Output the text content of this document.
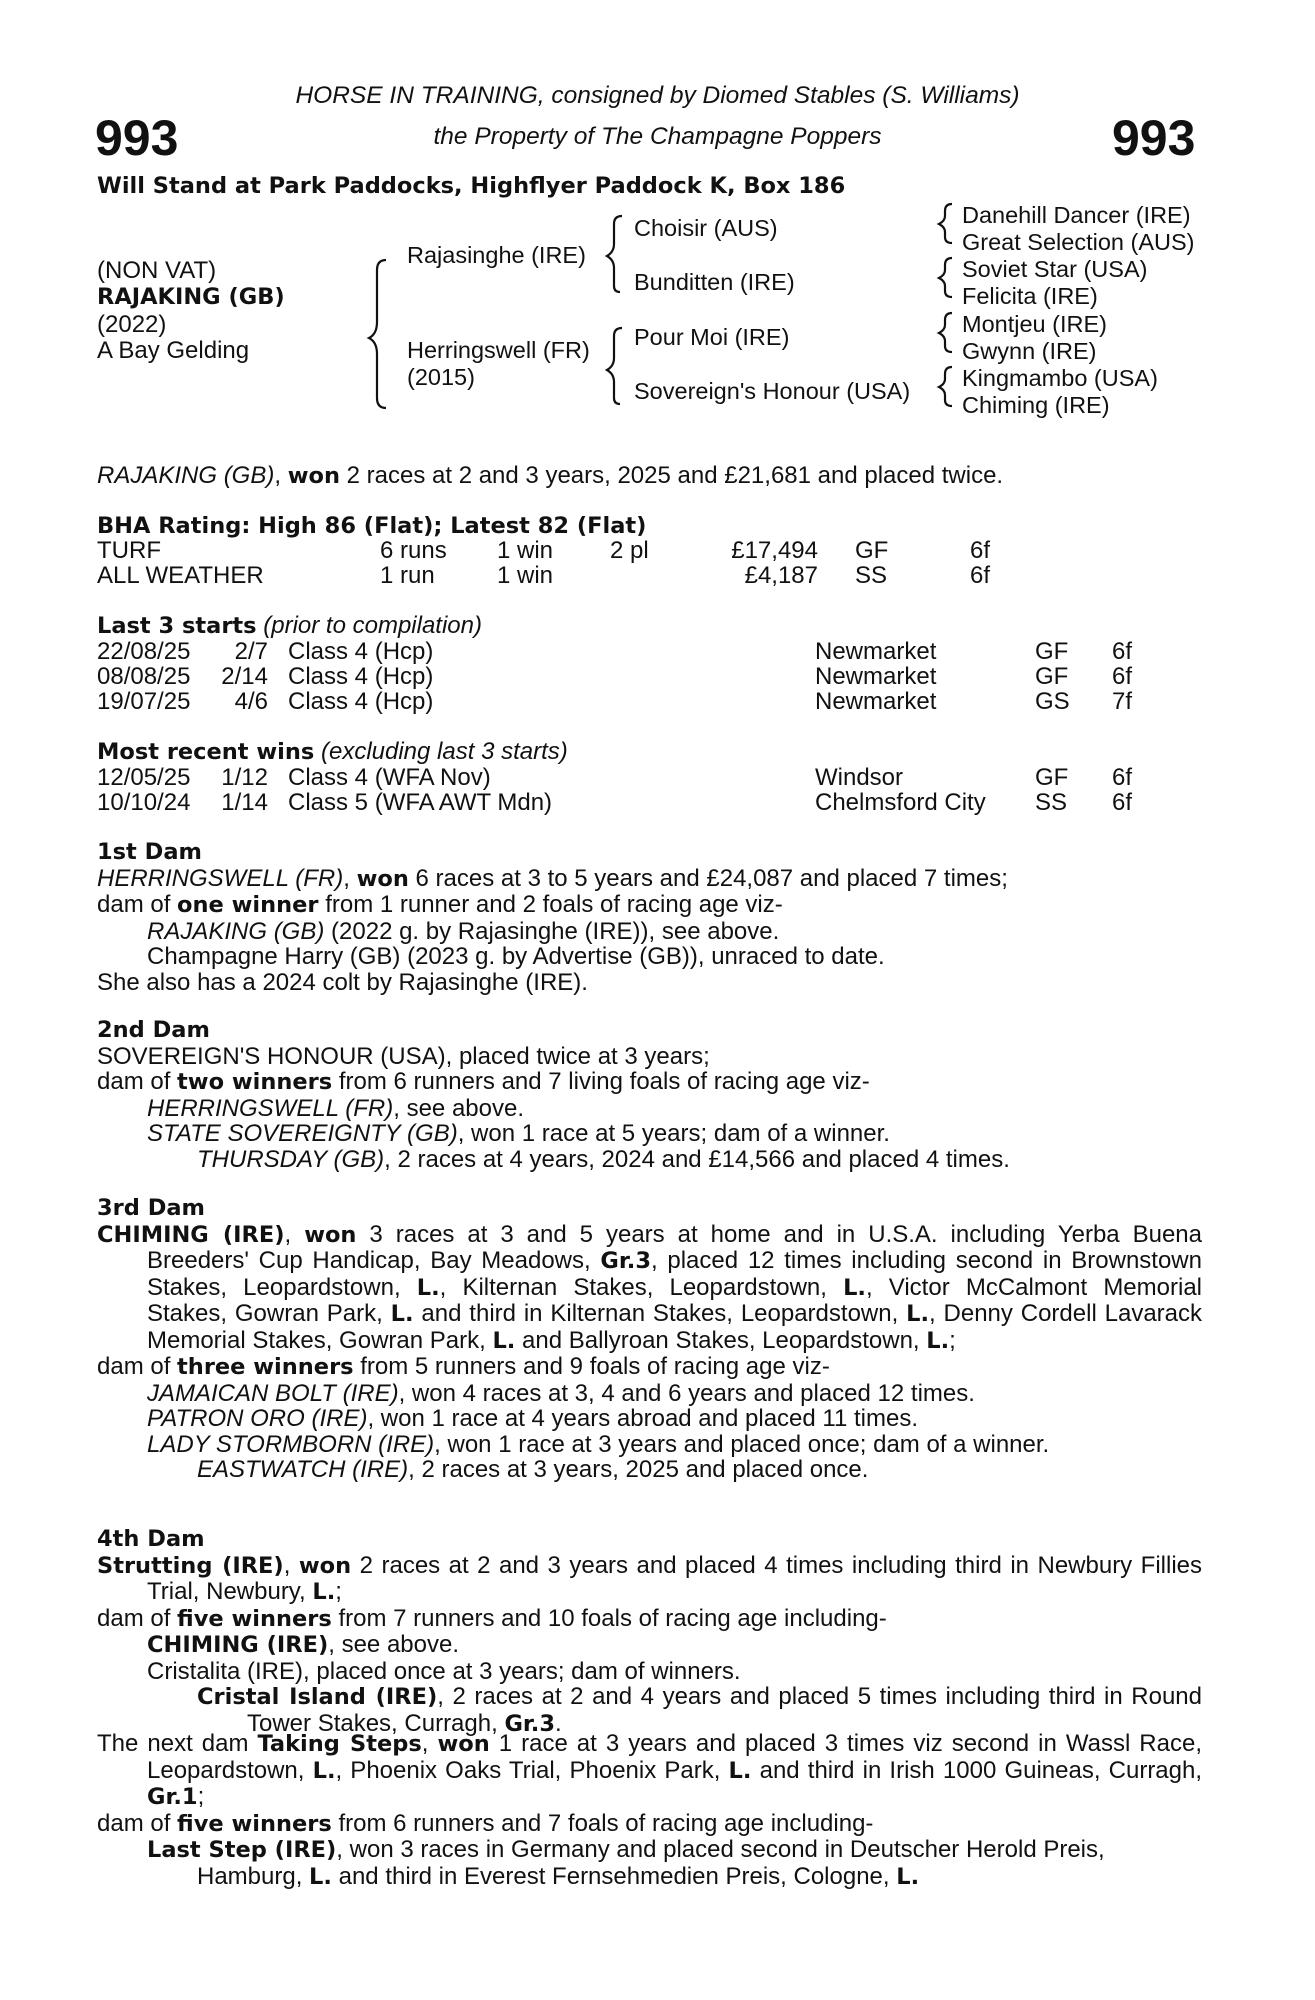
HORSE IN TRAINING, consigned by Diomed Stables (S. Williams)
993	the Property of The Champagne Poppers	993
Will Stand at Park Paddocks, Highflyer Paddock K, Box 186
(NON VAT)
RAJAKING (GB)
(2022)
A Bay Gelding
Rajasinghe (IRE)
Herringswell (FR)
(2015)
Choisir (AUS)
Bunditten (IRE)
Pour Moi (IRE)
Sovereign's Honour (USA)
Danehill Dancer (IRE)
Great Selection (AUS)
Soviet Star (USA)
Felicita (IRE)
Montjeu (IRE)
Gwynn (IRE)
Kingmambo (USA)
Chiming (IRE)
RAJAKING (GB), won 2 races at 2 and 3 years, 2025 and £21,681 and placed twice.
BHA Rating: High 86 (Flat); Latest 82 (Flat)
TURF	6 runs 1 win 2 pl	£17,494 GF	6f
ALL WEATHER	1 run	1 win	£4,187 SS	6f
Last 3 starts (prior to compilation)
22/08/25	2/7 Class 4 (Hcp)	Newmarket	GF 6f
08/08/25	2/14 Class 4 (Hcp)	Newmarket	GF 6f
19/07/25	4/6 Class 4 (Hcp)	Newmarket	GS 7f
Most recent wins (excluding last 3 starts)
12/05/25	1/12 Class 4 (WFA Nov)	Windsor	GF 6f
10/10/24	1/14 Class 5 (WFA AWT Mdn)	Chelmsford City SS 6f

1st Dam

HERRINGSWELL (FR), won 6 races at 3 to 5 years and £24,087 and placed 7 times;

dam of one winner from 1 runner and 2 foals of racing age viz-

RAJAKING (GB) (2022 g. by Rajasinghe (IRE)), see above.

Champagne Harry (GB) (2023 g. by Advertise (GB)), unraced to date.

She also has a 2024 colt by Rajasinghe (IRE).

2nd Dam

SOVEREIGN'S HONOUR (USA), placed twice at 3 years;

dam of two winners from 6 runners and 7 living foals of racing age viz-

HERRINGSWELL (FR), see above.

STATE SOVEREIGNTY (GB), won 1 race at 5 years; dam of a winner.

THURSDAY (GB), 2 races at 4 years, 2024 and £14,566 and placed 4 times.

3rd Dam

CHIMING (IRE), won 3 races at 3 and 5 years at home and in U.S.A. including Yerba Buena Breeders' Cup Handicap, Bay Meadows, Gr.3, placed 12 times including second in Brownstown Stakes, Leopardstown, L., Kilternan Stakes, Leopardstown, L., Victor McCalmont Memorial Stakes, Gowran Park, L. and third in Kilternan Stakes, Leopardstown, L., Denny Cordell Lavarack Memorial Stakes, Gowran Park, L. and Ballyroan Stakes, Leopardstown, L.;

dam of three winners from 5 runners and 9 foals of racing age viz-

JAMAICAN BOLT (IRE), won 4 races at 3, 4 and 6 years and placed 12 times.

PATRON ORO (IRE), won 1 race at 4 years abroad and placed 11 times.

LADY STORMBORN (IRE), won 1 race at 3 years and placed once; dam of a winner.

EASTWATCH (IRE), 2 races at 3 years, 2025 and placed once.

4th Dam

Strutting (IRE), won 2 races at 2 and 3 years and placed 4 times including third in Newbury Fillies Trial, Newbury, L.;

dam of five winners from 7 runners and 10 foals of racing age including-

CHIMING (IRE), see above.

Cristalita (IRE), placed once at 3 years; dam of winners.

Cristal Island (IRE), 2 races at 2 and 4 years and placed 5 times including third in Round Tower Stakes, Curragh, Gr.3.

The next dam Taking Steps, won 1 race at 3 years and placed 3 times viz second in Wassl Race, Leopardstown, L., Phoenix Oaks Trial, Phoenix Park, L. and third in Irish 1000 Guineas, Curragh, Gr.1;

dam of five winners from 6 runners and 7 foals of racing age including-

Last Step (IRE), won 3 races in Germany and placed second in Deutscher Herold Preis, Hamburg, L. and third in Everest Fernsehmedien Preis, Cologne, L.
